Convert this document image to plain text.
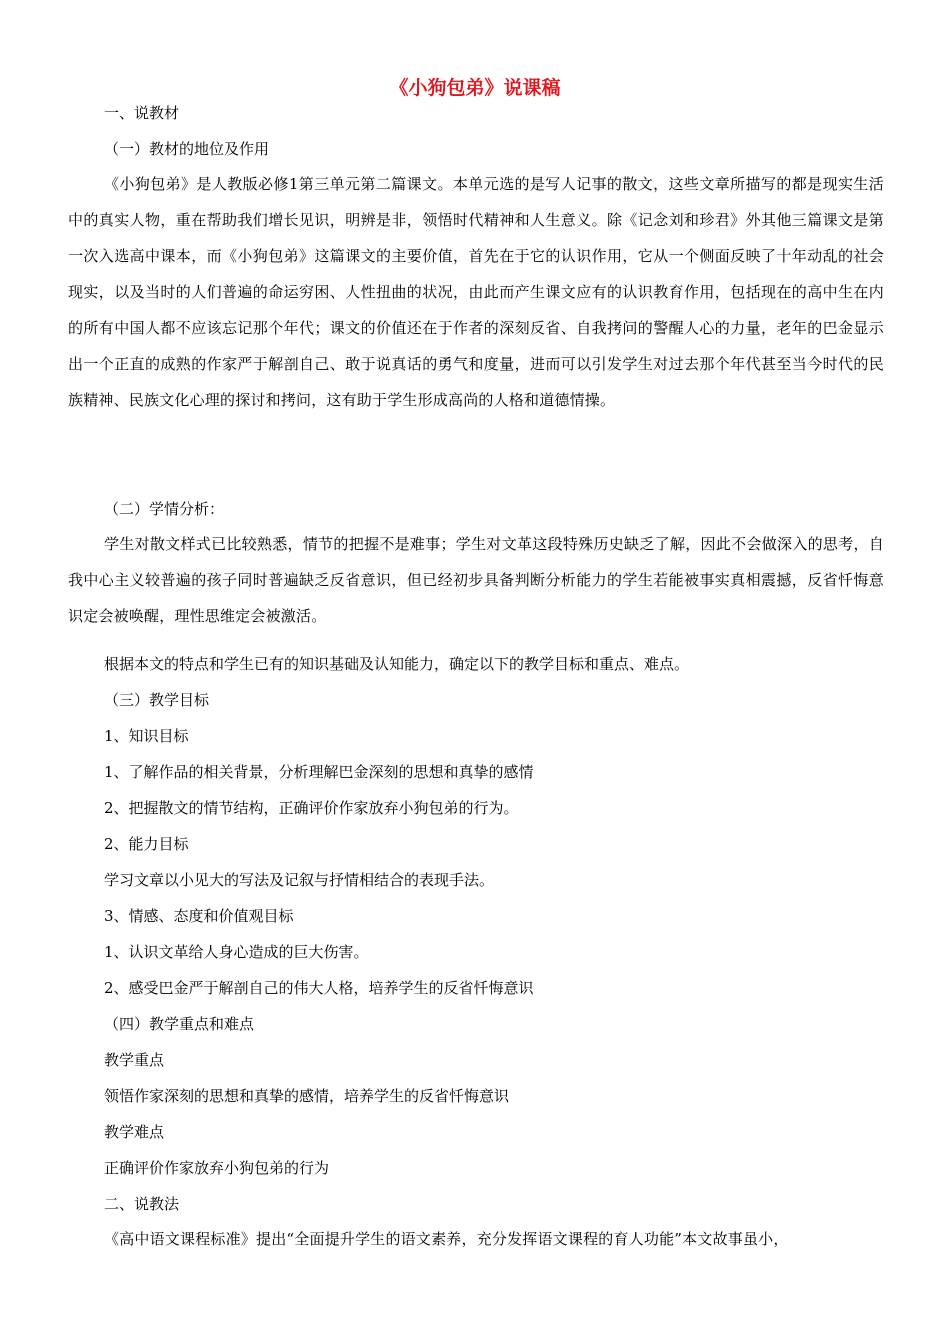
《小狗包弟》说课稿
一、说教材
（一）教材的地位及作用
《小狗包弟》是人教版必修1第三单元第二篇课文。本单元选的是写人记事的散文，这些文章所描写的都是现实生活中的真实人物，重在帮助我们增长见识，明辨是非，领悟时代精神和人生意义。除《记念刘和珍君》外其他三篇课文是第一次入选高中课本，而《小狗包弟》这篇课文的主要价值，首先在于它的认识作用，它从一个侧面反映了十年动乱的社会现实，以及当时的人们普遍的命运穷困、人性扭曲的状况，由此而产生课文应有的认识教育作用，包括现在的高中生在内的所有中国人都不应该忘记那个年代；课文的价值还在于作者的深刻反省、自我拷问的警醒人心的力量，老年的巴金显示出一个正直的成熟的作家严于解剖自己、敢于说真话的勇气和度量，进而可以引发学生对过去那个年代甚至当今时代的民族精神、民族文化心理的探讨和拷问，这有助于学生形成高尚的人格和道德情操。
（二）学情分析：
学生对散文样式已比较熟悉，情节的把握不是难事；学生对文革这段特殊历史缺乏了解，因此不会做深入的思考，自我中心主义较普遍的孩子同时普遍缺乏反省意识，但已经初步具备判断分析能力的学生若能被事实真相震撼，反省忏悔意识定会被唤醒，理性思维定会被激活。
根据本文的特点和学生已有的知识基础及认知能力，确定以下的教学目标和重点、难点。
（三）教学目标
1、知识目标
1、了解作品的相关背景，分析理解巴金深刻的思想和真挚的感情
2、把握散文的情节结构，正确评价作家放弃小狗包弟的行为。
2、能力目标
学习文章以小见大的写法及记叙与抒情相结合的表现手法。
3、情感、态度和价值观目标
1、认识文革给人身心造成的巨大伤害。
2、感受巴金严于解剖自己的伟大人格，培养学生的反省忏悔意识
（四）教学重点和难点
教学重点
领悟作家深刻的思想和真挚的感情，培养学生的反省忏悔意识
教学难点
正确评价作家放弃小狗包弟的行为
二、说教法
《高中语文课程标准》提出“全面提升学生的语文素养，充分发挥语文课程的育人功能”本文故事虽小，
